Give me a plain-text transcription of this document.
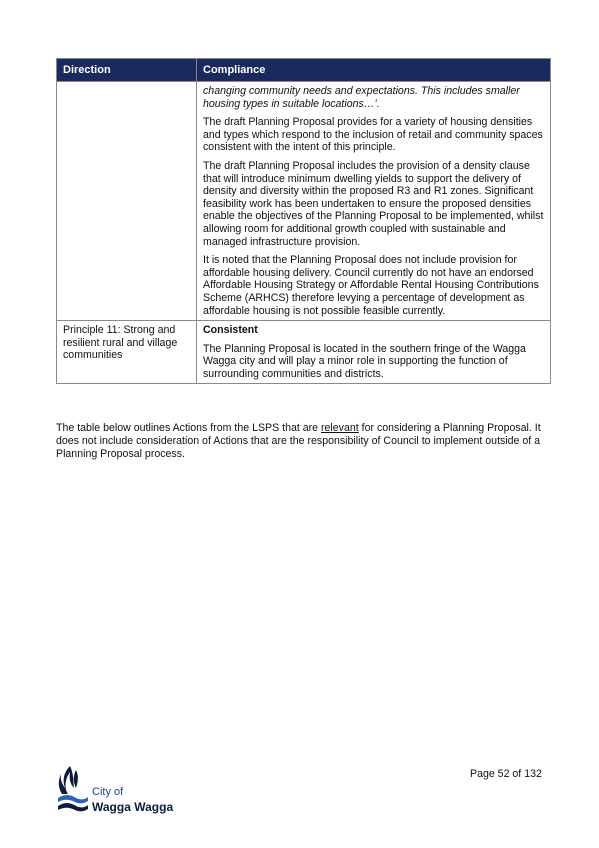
Direction	Compliance

	changing community needs and expectations. This includes smaller housing types in suitable locations…’.

The draft Planning Proposal provides for a variety of housing densities and types which respond to the inclusion of retail and community spaces consistent with the intent of this principle.

The draft Planning Proposal includes the provision of a density clause that will introduce minimum dwelling yields to support the delivery of density and diversity within the proposed R3 and R1 zones. Significant feasibility work has been undertaken to ensure the proposed densities enable the objectives of the Planning Proposal to be implemented, whilst allowing room for additional growth coupled with sustainable and managed infrastructure provision.

It is noted that the Planning Proposal does not include provision for affordable housing delivery. Council currently do not have an endorsed Affordable Housing Strategy or Affordable Rental Housing Contributions Scheme (ARHCS) therefore levying a percentage of development as affordable housing is not possible feasible currently.

Principle 11: Strong and resilient rural and village communities	Consistent

The Planning Proposal is located in the southern fringe of the Wagga Wagga city and will play a minor role in supporting the function of surrounding communities and districts.

The table below outlines Actions from the LSPS that are relevant for considering a Planning Proposal. It does not include consideration of Actions that are the responsibility of Council to implement outside of a Planning Proposal process.

City of
Wagga Wagga
Page 52 of 132
